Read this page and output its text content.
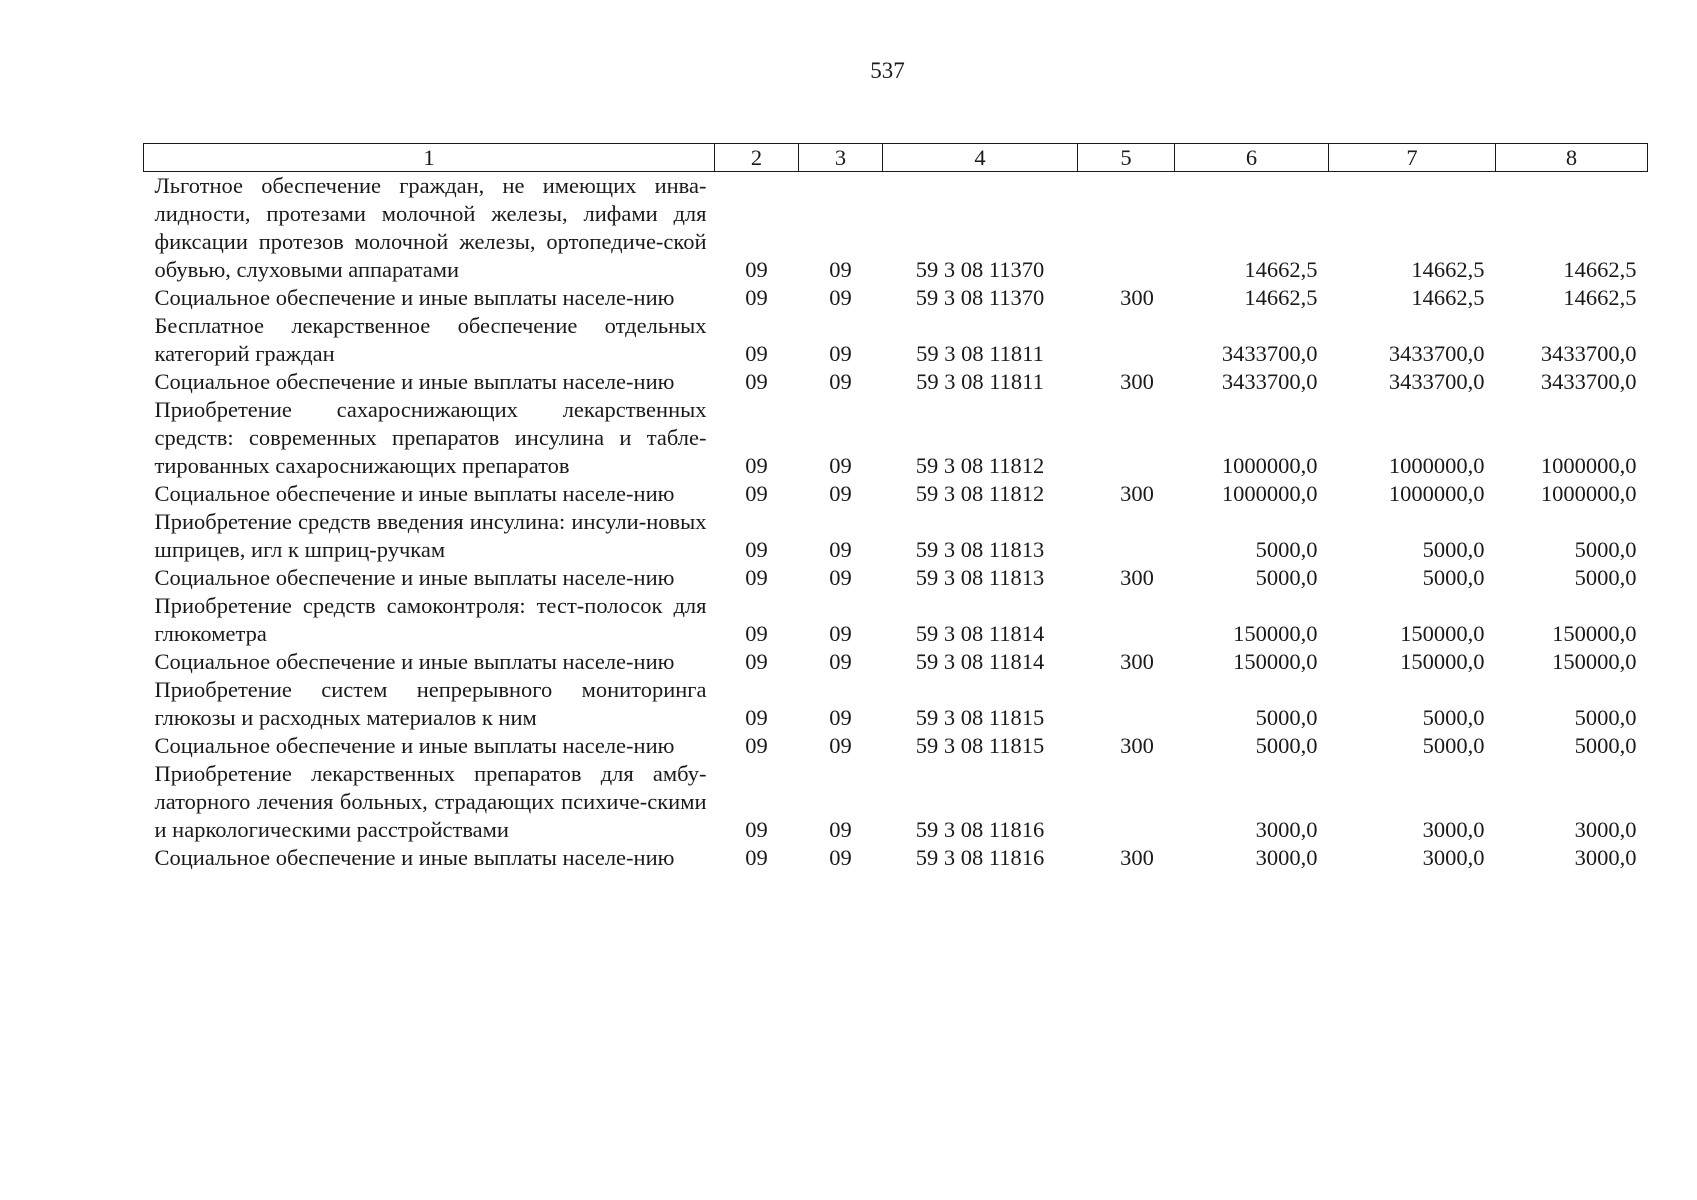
537
1	2	3	4	5	6	7	8
Льготное обеспечение граждан, не имеющих инва-лидности, протезами молочной железы, лифами для фиксации протезов молочной железы, ортопедиче-ской обувью, слуховыми аппаратами	09	09	59 3 08 11370		14662,5	14662,5	14662,5
Социальное обеспечение и иные выплаты населе-нию	09	09	59 3 08 11370	300	14662,5	14662,5	14662,5
Бесплатное лекарственное обеспечение отдельных категорий граждан	09	09	59 3 08 11811		3433700,0	3433700,0	3433700,0
Социальное обеспечение и иные выплаты населе-нию	09	09	59 3 08 11811	300	3433700,0	3433700,0	3433700,0
Приобретение сахароснижающих лекарственных средств: современных препаратов инсулина и табле-тированных сахароснижающих препаратов	09	09	59 3 08 11812		1000000,0	1000000,0	1000000,0
Социальное обеспечение и иные выплаты населе-нию	09	09	59 3 08 11812	300	1000000,0	1000000,0	1000000,0
Приобретение средств введения инсулина: инсули-новых шприцев, игл к шприц-ручкам	09	09	59 3 08 11813		5000,0	5000,0	5000,0
Социальное обеспечение и иные выплаты населе-нию	09	09	59 3 08 11813	300	5000,0	5000,0	5000,0
Приобретение средств самоконтроля: тест-полосок для глюкометра	09	09	59 3 08 11814		150000,0	150000,0	150000,0
Социальное обеспечение и иные выплаты населе-нию	09	09	59 3 08 11814	300	150000,0	150000,0	150000,0
Приобретение систем непрерывного мониторинга глюкозы и расходных материалов к ним	09	09	59 3 08 11815		5000,0	5000,0	5000,0
Социальное обеспечение и иные выплаты населе-нию	09	09	59 3 08 11815	300	5000,0	5000,0	5000,0
Приобретение лекарственных препаратов для амбу-латорного лечения больных, страдающих психиче-скими и наркологическими расстройствами	09	09	59 3 08 11816		3000,0	3000,0	3000,0
Социальное обеспечение и иные выплаты населе-нию	09	09	59 3 08 11816	300	3000,0	3000,0	3000,0
